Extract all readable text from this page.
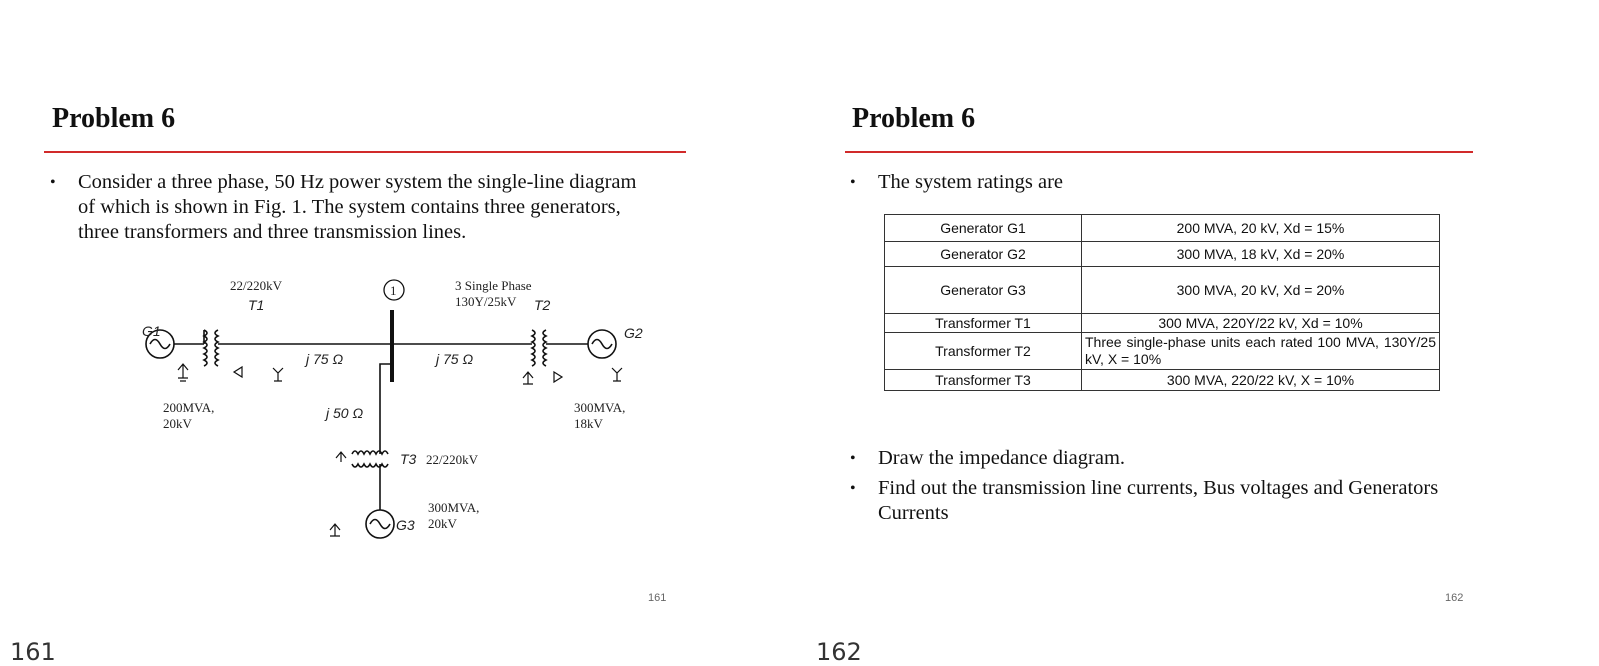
Problem 6
•	Consider a three phase, 50 Hz power system the single-line diagram
of which is shown in Fig. 1. The system contains three generators,
three transformers and three transmission lines.
1
G1
22/220kV
T1
3 Single Phase
130Y/25kV T2
G2
j 75 Ω	j 75 Ω
j 50 Ω
200MVA,
20kV
300MVA,
18kV
T3 22/220kV
300MVA,
20kV
G3
161
161
Problem 6
•	The system ratings are
Generator G1	200 MVA, 20 kV, Xd = 15%
Generator G2	300 MVA, 18 kV, Xd = 20%
Generator G3	300 MVA, 20 kV, Xd = 20%
Transformer T1	300 MVA, 220Y/22 kV, Xd = 10%
Transformer T2	Three single-phase units each rated 100 MVA, 130Y/25 kV, X = 10%
Transformer T3	300 MVA, 220/22 kV, X = 10%
•	Draw the impedance diagram.
•	Find out the transmission line currents, Bus voltages and Generators
Currents
162
162
